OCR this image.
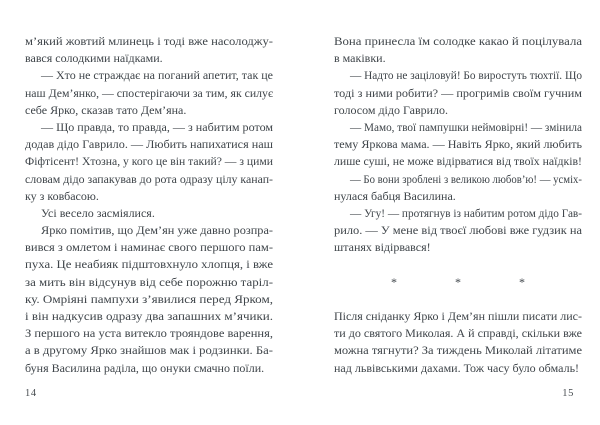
м’який жовтий млинець і тоді вже насолоджу-
вався солодкими наїдками.
— Хто не страждає на поганий апетит, так це
наш Дем’янко, — спостерігаючи за тим, як силує
себе Ярко, сказав тато Дем’яна.
— Що правда, то правда, — з набитим ротом
додав дідо Гаврило. — Любить напихатися наш
Фіфтісент! Хтозна, у кого це він такий? — з цими
словам дідо запакував до рота одразу цілу канап-
ку з ковбасою.
Усі весело засміялися.
Ярко помітив, що Дем’ян уже давно розпра-
вився з омлетом і наминає свого першого пам-
пуха. Це неабияк підштовхнуло хлопця, і вже
за мить він відсунув від себе порожню таріл-
ку. Омріяні пампухи з’явилися перед Ярком,
і він надкусив одразу два запашних м’ячики.
З першого на уста витекло трояндове варення,
а в другому Ярко знайшов мак і родзинки. Ба-
буня Василина раділа, що онуки смачно поїли.
14
Вона принесла їм солодке какао й поцілувала
в маківки.
— Надто не заціловуй! Бо виростуть тюхтії. Що
тоді з ними робити? — прогримів своїм гучним
голосом дідо Гаврило.
— Мамо, твої пампушки неймовірні! — змінила
тему Яркова мама. — Навіть Ярко, який любить
лише суші, не може відірватися від твоїх наїдків!
— Бо вони зроблені з великою любов’ю! — усміх-
нулася бабця Василина.
— Угу! — протягнув із набитим ротом дідо Гав-
рило. — У мене від твоєї любові вже гудзик на
штанях відірвався!
*	*	*
Після сніданку Ярко і Дем’ян пішли писати лис-
ти до святого Миколая. А й справді, скільки вже
можна тягнути? За тиждень Миколай літатиме
над львівськими дахами. Тож часу було обмаль!
15
